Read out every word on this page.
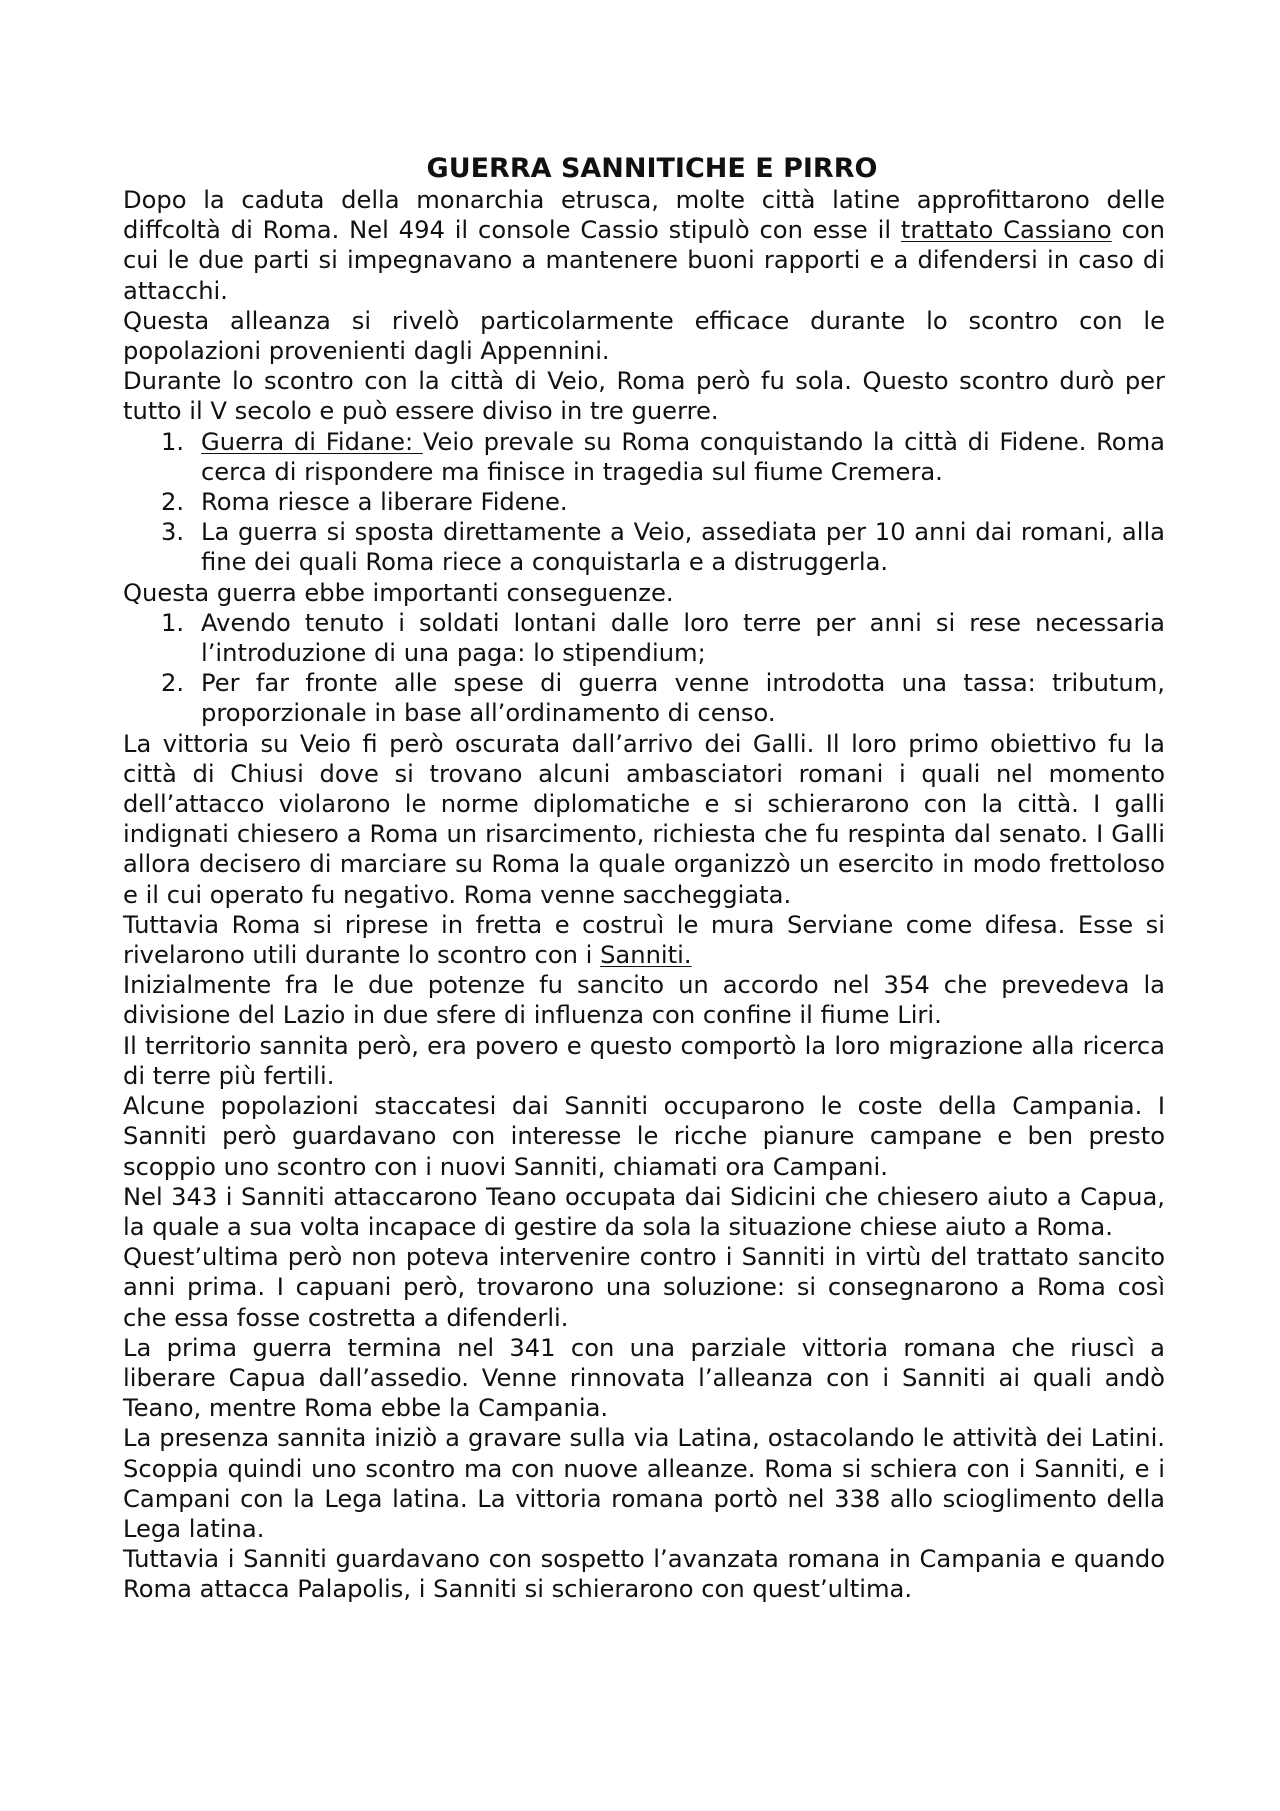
GUERRA SANNITICHE E PIRRO

Dopo la caduta della monarchia etrusca, molte città latine approfittarono delle diffcoltà di Roma. Nel 494 il console Cassio stipulò con esse il trattato Cassiano con cui le due parti si impegnavano a mantenere buoni rapporti e a difendersi in caso di attacchi.

Questa alleanza si rivelò particolarmente efficace durante lo scontro con le popolazioni provenienti dagli Appennini.

Durante lo scontro con la città di Veio, Roma però fu sola. Questo scontro durò per tutto il V secolo e può essere diviso in tre guerre.

1. Guerra di Fidane: Veio prevale su Roma conquistando la città di Fidene. Roma cerca di rispondere ma finisce in tragedia sul fiume Cremera.
2. Roma riesce a liberare Fidene.
3. La guerra si sposta direttamente a Veio, assediata per 10 anni dai romani, alla fine dei quali Roma riece a conquistarla e a distruggerla.

Questa guerra ebbe importanti conseguenze.

1. Avendo tenuto i soldati lontani dalle loro terre per anni si rese necessaria l’introduzione di una paga: lo stipendium;
2. Per far fronte alle spese di guerra venne introdotta una tassa: tributum, proporzionale in base all’ordinamento di censo.

La vittoria su Veio fi però oscurata dall’arrivo dei Galli. Il loro primo obiettivo fu la città di Chiusi dove si trovano alcuni ambasciatori romani i quali nel momento dell’attacco violarono le norme diplomatiche e si schierarono con la città. I galli indignati chiesero a Roma un risarcimento, richiesta che fu respinta dal senato. I Galli allora decisero di marciare su Roma la quale organizzò un esercito in modo frettoloso e il cui operato fu negativo. Roma venne saccheggiata.

Tuttavia Roma si riprese in fretta e costruì le mura Serviane come difesa. Esse si rivelarono utili durante lo scontro con i Sanniti.

Inizialmente fra le due potenze fu sancito un accordo nel 354 che prevedeva la divisione del Lazio in due sfere di influenza con confine il fiume Liri.

Il territorio sannita però, era povero e questo comportò la loro migrazione alla ricerca di terre più fertili.

Alcune popolazioni staccatesi dai Sanniti occuparono le coste della Campania. I Sanniti però guardavano con interesse le ricche pianure campane e ben presto scoppio uno scontro con i nuovi Sanniti, chiamati ora Campani.

Nel 343 i Sanniti attaccarono Teano occupata dai Sidicini che chiesero aiuto a Capua, la quale a sua volta incapace di gestire da sola la situazione chiese aiuto a Roma.

Quest’ultima però non poteva intervenire contro i Sanniti in virtù del trattato sancito anni prima. I capuani però, trovarono una soluzione: si consegnarono a Roma così che essa fosse costretta a difenderli.

La prima guerra termina nel 341 con una parziale vittoria romana che riuscì a liberare Capua dall’assedio. Venne rinnovata l’alleanza con i Sanniti ai quali andò Teano, mentre Roma ebbe la Campania.

La presenza sannita iniziò a gravare sulla via Latina, ostacolando le attività dei Latini. Scoppia quindi uno scontro ma con nuove alleanze. Roma si schiera con i Sanniti, e i Campani con la Lega latina. La vittoria romana portò nel 338 allo scioglimento della Lega latina.

Tuttavia i Sanniti guardavano con sospetto l’avanzata romana in Campania e quando Roma attacca Palapolis, i Sanniti si schierarono con quest’ultima.
